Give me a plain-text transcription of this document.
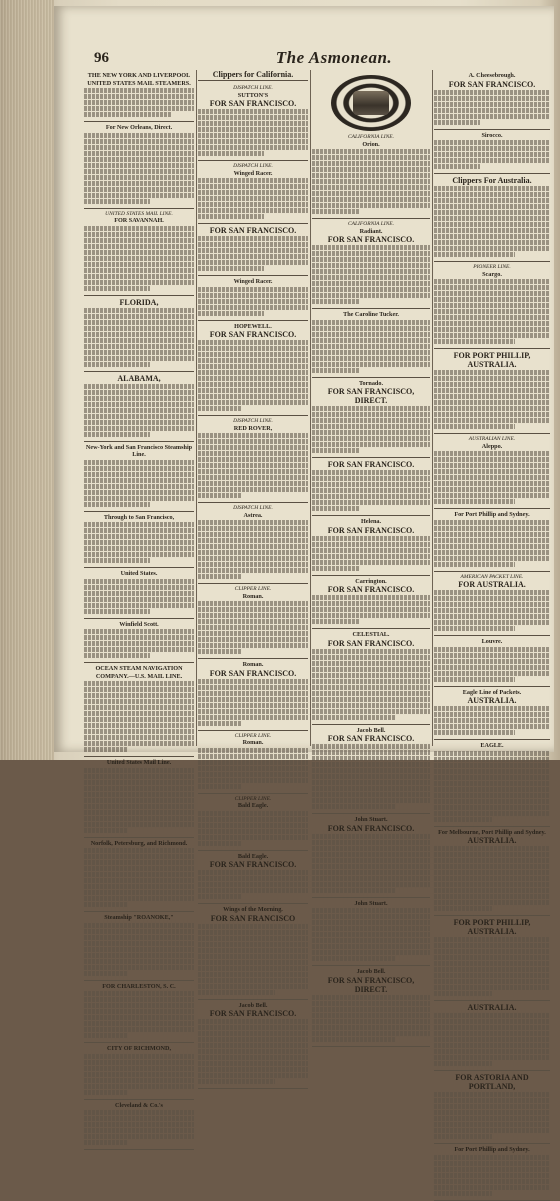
96	The Asmonean.
THE NEW YORK AND LIVERPOOL UNITED STATES MAIL STEAMERS.
For New Orleans, Direct.
UNITED STATES MAIL LINE.
FOR SAVANNAH.
FLORIDA,
ALABAMA,
New-York and San Francisco Steamship Line.
Through to San Francisco,
United States.
Winfield Scott.
OCEAN STEAM NAVIGATION COMPANY.—U.S. MAIL LINE.
United States Mail Line.
Norfolk, Petersburg, and Richmond.
Steamship "ROANOKE,"
FOR CHARLESTON, S. C.
CITY OF RICHMOND,
Cleveland & Co.'s
Clippers for California.
DISPATCH LINE.
SUTTON'S
FOR SAN FRANCISCO.
DISPATCH LINE.
Winged Racer.
FOR SAN FRANCISCO.
Winged Racer.
HOPEWELL.
FOR SAN FRANCISCO.
DISPATCH LINE.
RED ROVER,
DISPATCH LINE.
Astrea.
CLIPPER LINE.
Roman.
Roman.
FOR SAN FRANCISCO.
CLIPPER LINE.
Roman.
CLIPPER LINE.
Bald Eagle.
Bald Eagle.
FOR SAN FRANCISCO.
Wings of the Morning.
FOR SAN FRANCISCO
Jacob Bell.
FOR SAN FRANCISCO.
CALIFORNIA LINE.
Orion.
CALIFORNIA LINE.
Radiant.
FOR SAN FRANCISCO.
The Caroline Tucker.
Tornado.
FOR SAN FRANCISCO, DIRECT.
FOR SAN FRANCISCO.
Helena.
FOR SAN FRANCISCO.
Carrington.
FOR SAN FRANCISCO.
CELESTIAL.
FOR SAN FRANCISCO.
Jacob Bell.
FOR SAN FRANCISCO.
John Stuart.
FOR SAN FRANCISCO.
John Stuart.
Jacob Bell.
FOR SAN FRANCISCO, DIRECT.
A. Cheesebrough.
FOR SAN FRANCISCO.
Sirocco.
Clippers For Australia.
PIONEER LINE.
Scargo.
FOR PORT PHILLIP, AUSTRALIA.
AUSTRALIAN LINE.
Aleppo.
For Port Phillip and Sydney.
AMERICAN PACKET LINE.
FOR AUSTRALIA.
Louvre.
Eagle Line of Packets.
AUSTRALIA.
EAGLE.
For Melbourne, Port Phillip and Sydney.
AUSTRALIA.
FOR PORT PHILLIP, AUSTRALIA.
AUSTRALIA.
FOR ASTORIA AND PORTLAND,
For Port Phillip and Sydney.
